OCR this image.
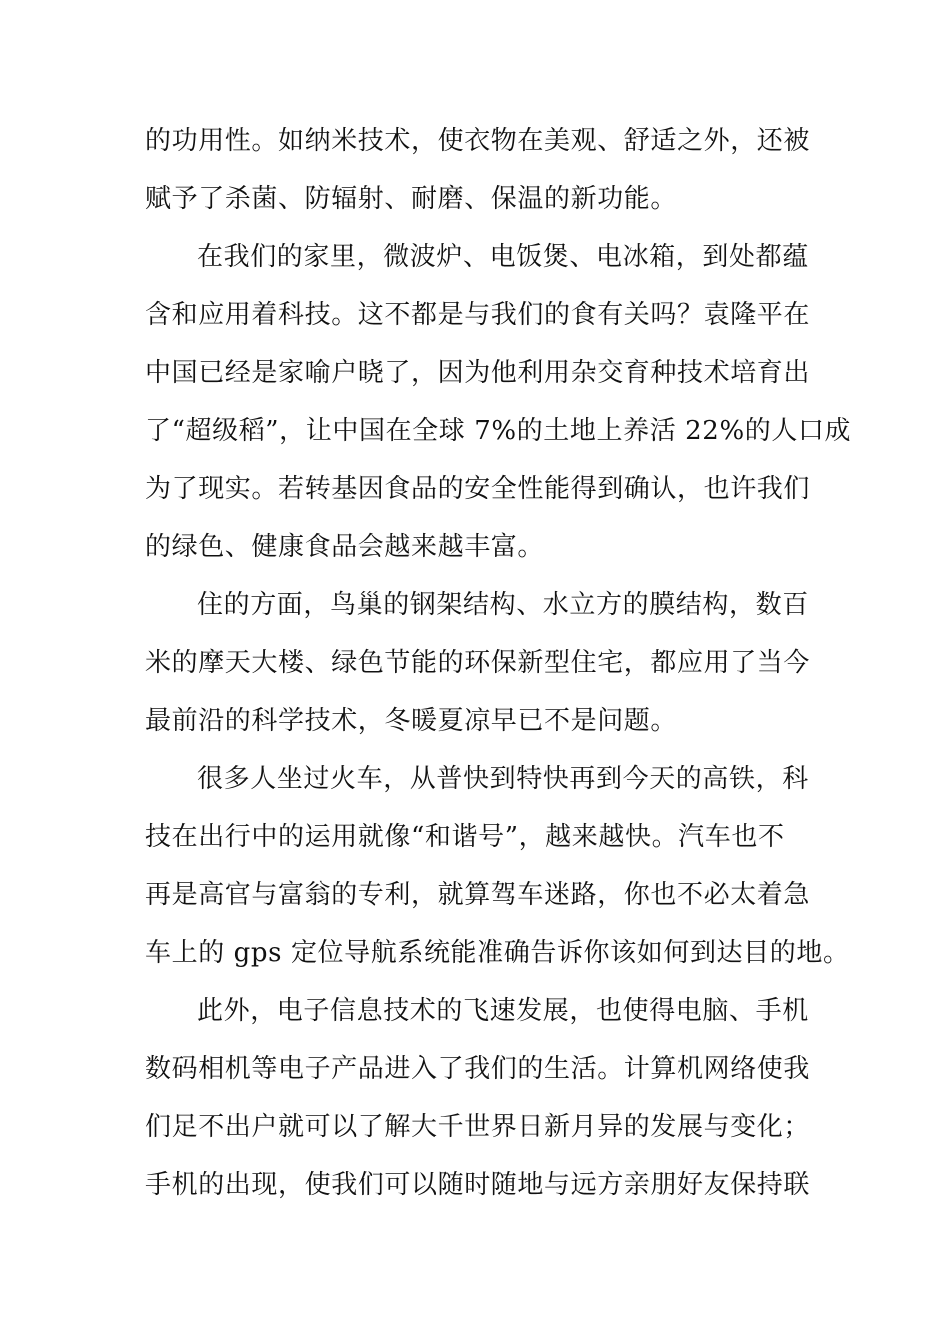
的功用性。如纳米技术，使衣物在美观、舒适之外，还被
赋予了杀菌、防辐射、耐磨、保温的新功能。
在我们的家里，微波炉、电饭煲、电冰箱，到处都蕴
含和应用着科技。这不都是与我们的食有关吗？袁隆平在
中国已经是家喻户晓了，因为他利用杂交育种技术培育出
了“超级稻”，让中国在全球 7%的土地上养活 22%的人口成
为了现实。若转基因食品的安全性能得到确认，也许我们
的绿色、健康食品会越来越丰富。
住的方面，鸟巢的钢架结构、水立方的膜结构，数百
米的摩天大楼、绿色节能的环保新型住宅，都应用了当今
最前沿的科学技术，冬暖夏凉早已不是问题。
很多人坐过火车，从普快到特快再到今天的高铁，科
技在出行中的运用就像“和谐号”，越来越快。汽车也不
再是高官与富翁的专利，就算驾车迷路，你也不必太着急
车上的 gps 定位导航系统能准确告诉你该如何到达目的地。
此外，电子信息技术的飞速发展，也使得电脑、手机
数码相机等电子产品进入了我们的生活。计算机网络使我
们足不出户就可以了解大千世界日新月异的发展与变化；
手机的出现，使我们可以随时随地与远方亲朋好友保持联
